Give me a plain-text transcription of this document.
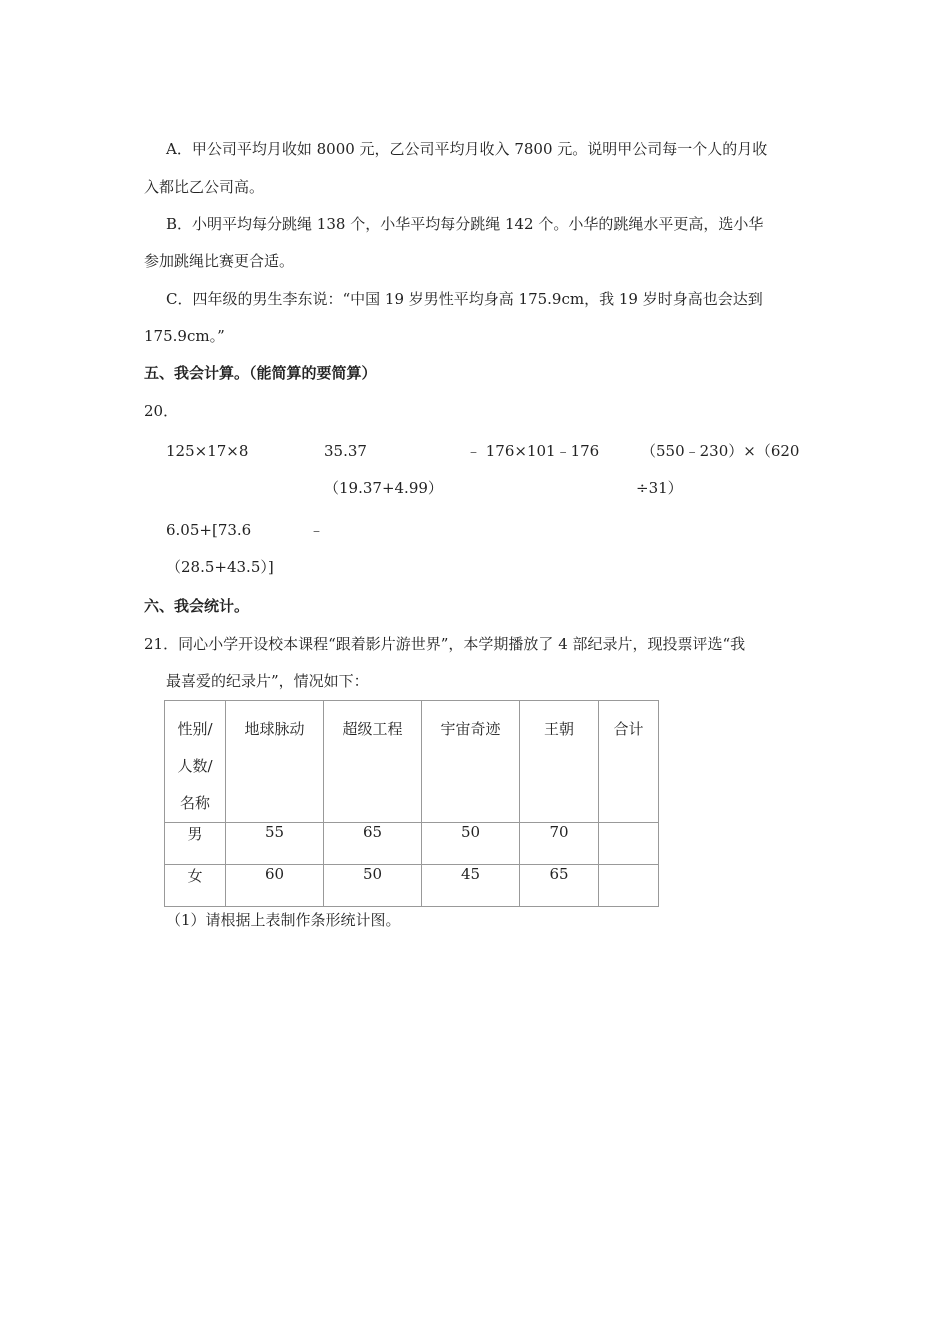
A．甲公司平均月收如 8000 元，乙公司平均月收入 7800 元。说明甲公司每一个人的月收
入都比乙公司高。
B．小明平均每分跳绳 138 个，小华平均每分跳绳 142 个。小华的跳绳水平更高，选小华
参加跳绳比赛更合适。
C．四年级的男生李东说：“中国 19 岁男性平均身高 175.9cm，我 19 岁时身高也会达到
175.9cm。”
五、我会计算。（能简算的要简算）
20．
125×17×8	35.37
（19.37+4.99）
﹣ 176×101﹣176	（550﹣230）×（620
÷31）
6.05+[73.6	﹣
（28.5+43.5）]
六、我会统计。
21．同心小学开设校本课程“跟着影片游世界”，本学期播放了 4 部纪录片，现投票评选“我
最喜爱的纪录片”，情况如下：
性别/
人数/
名称	地球脉动	超级工程	宇宙奇迹	王朝	合计

男	55	65	50	70	
女	60	50	45	65	
（1）请根据上表制作条形统计图。
